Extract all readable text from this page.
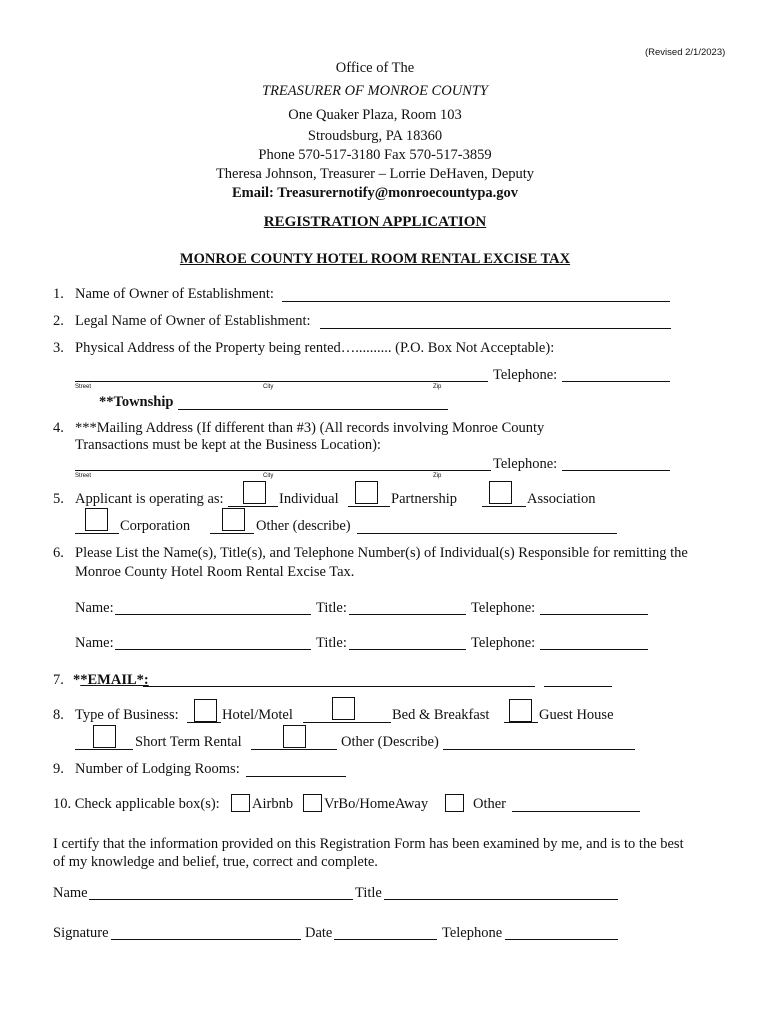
(Revised 2/1/2023)
Office of The
TREASURER OF MONROE COUNTY
One Quaker Plaza, Room 103
Stroudsburg, PA 18360
Phone 570-517-3180 Fax 570-517-3859
Theresa Johnson, Treasurer – Lorrie DeHaven, Deputy
Email: Treasurernotify@monroecountypa.gov
REGISTRATION APPLICATION
MONROE COUNTY HOTEL ROOM RENTAL EXCISE TAX
1. Name of Owner of Establishment:
2. Legal Name of Owner of Establishment:
3. Physical Address of the Property being rented….......... (P.O. Box Not Acceptable):
Telephone:
Street	City	Zip
**Township
4. ***Mailing Address (If different than #3) (All records involving Monroe County
Transactions must be kept at the Business Location):
Telephone:
Street	City	Zip
5. Applicant is operating as:	Individual	Partnership	Association
Corporation	Other (describe)
6. Please List the Name(s), Title(s), and Telephone Number(s) of Individual(s) Responsible for remitting the
Monroe County Hotel Room Rental Excise Tax.
Name:	Title:	Telephone:
Name:	Title:	Telephone:
7. **EMAIL*:
8. Type of Business:	Hotel/Motel	Bed & Breakfast	Guest House
Short Term Rental	Other (Describe)
9. Number of Lodging Rooms:
10. Check applicable box(s): Airbnb VrBo/HomeAway	Other
I certify that the information provided on this Registration Form has been examined by me, and is to the best
of my knowledge and belief, true, correct and complete.
Name	Title
Signature	Date	Telephone
